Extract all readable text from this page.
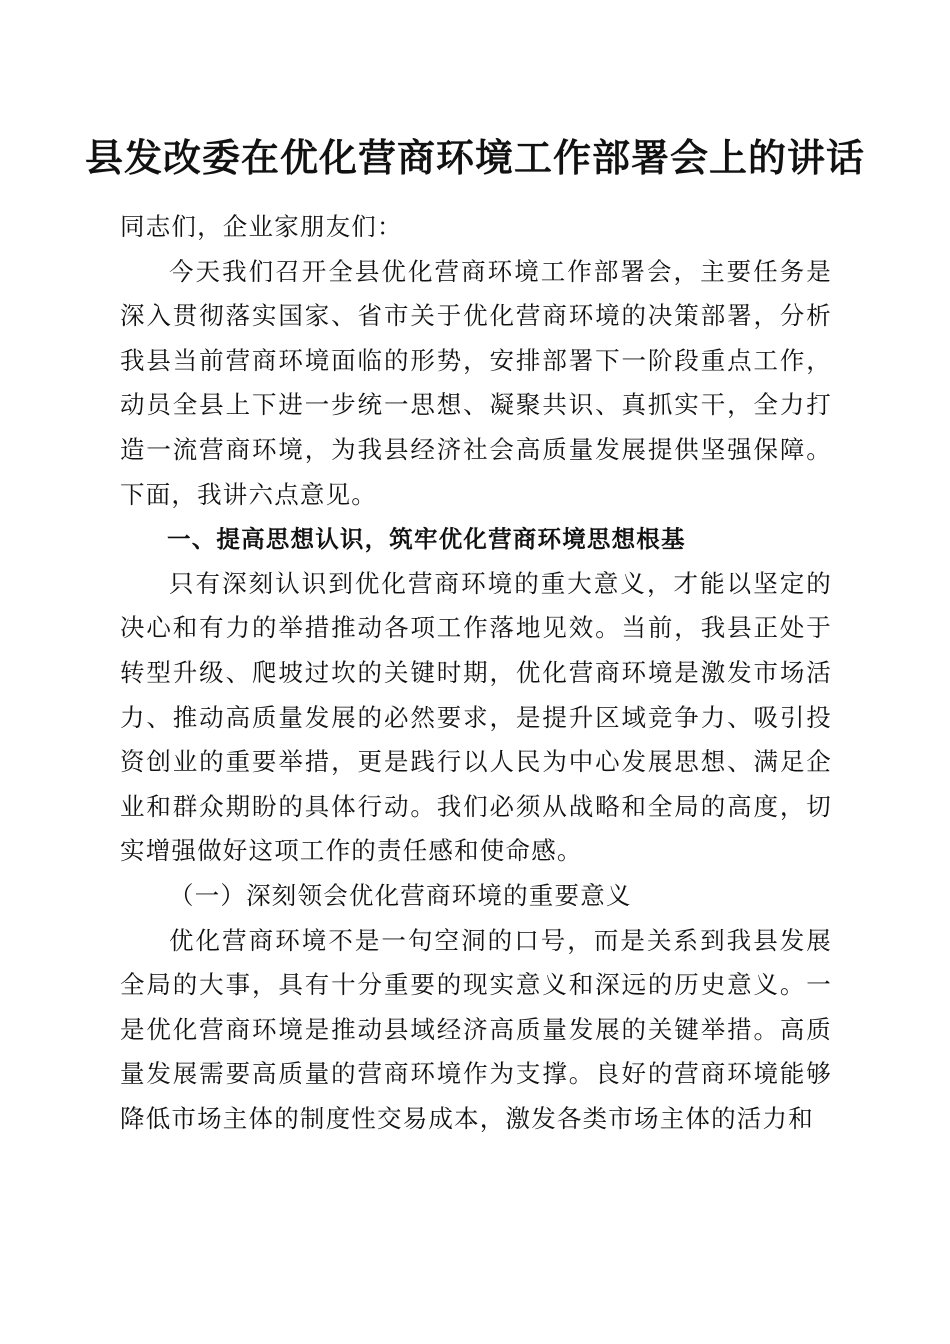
县发改委在优化营商环境工作部署会上的讲话

同志们，企业家朋友们：

今天我们召开全县优化营商环境工作部署会，主要任务是深入贯彻落实国家、省市关于优化营商环境的决策部署，分析我县当前营商环境面临的形势，安排部署下一阶段重点工作，动员全县上下进一步统一思想、凝聚共识、真抓实干，全力打造一流营商环境，为我县经济社会高质量发展提供坚强保障。下面，我讲六点意见。

一、提高思想认识，筑牢优化营商环境思想根基

只有深刻认识到优化营商环境的重大意义，才能以坚定的决心和有力的举措推动各项工作落地见效。当前，我县正处于转型升级、爬坡过坎的关键时期，优化营商环境是激发市场活力、推动高质量发展的必然要求，是提升区域竞争力、吸引投资创业的重要举措，更是践行以人民为中心发展思想、满足企业和群众期盼的具体行动。我们必须从战略和全局的高度，切实增强做好这项工作的责任感和使命感。

（一）深刻领会优化营商环境的重要意义

优化营商环境不是一句空洞的口号，而是关系到我县发展全局的大事，具有十分重要的现实意义和深远的历史意义。一是优化营商环境是推动县域经济高质量发展的关键举措。高质量发展需要高质量的营商环境作为支撑。良好的营商环境能够降低市场主体的制度性交易成本，激发各类市场主体的活力和
